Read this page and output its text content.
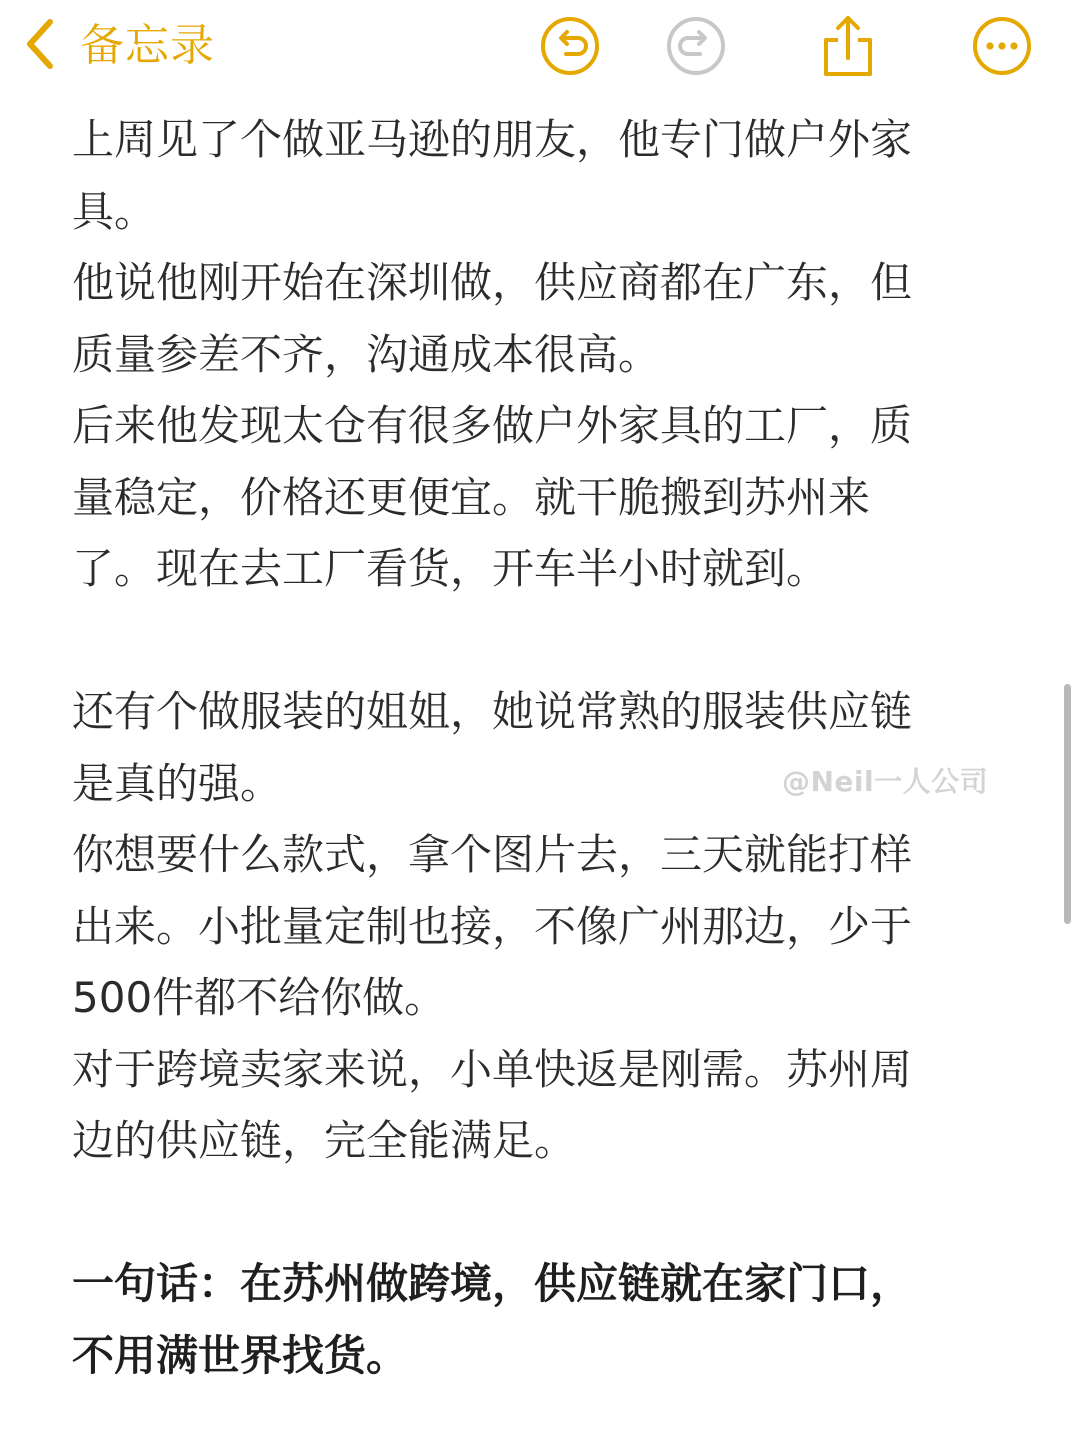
备忘录

上周见了个做亚马逊的朋友，他专门做户外家

具。

他说他刚开始在深圳做，供应商都在广东，但

质量参差不齐，沟通成本很高。

后来他发现太仓有很多做户外家具的工厂，质

量稳定，价格还更便宜。就干脆搬到苏州来

了。现在去工厂看货，开车半小时就到。

还有个做服装的姐姐，她说常熟的服装供应链

是真的强。

你想要什么款式，拿个图片去，三天就能打样

出来。小批量定制也接，不像广州那边，少于

500件都不给你做。

对于跨境卖家来说，小单快返是刚需。苏州周

边的供应链，完全能满足。

一句话：在苏州做跨境，供应链就在家门口，

不用满世界找货。

@Neil一人公司
